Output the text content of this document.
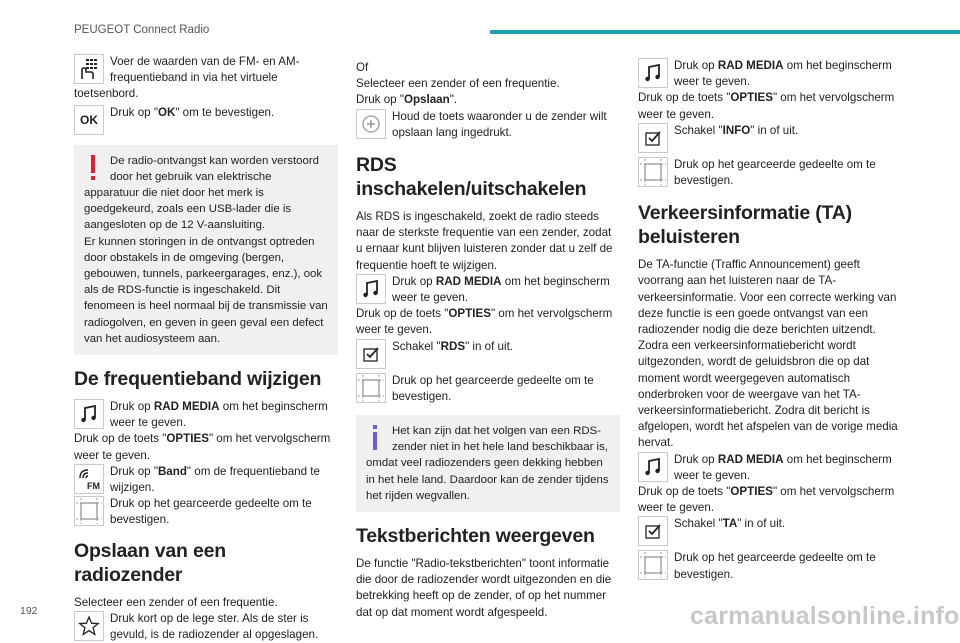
PEUGEOT Connect Radio
Voer de waarden van de FM- en AM-frequentieband in via het virtuele toetsenbord.
OK
Druk op "OK" om te bevestigen.
De radio-ontvangst kan worden verstoord door het gebruik van elektrische apparatuur die niet door het merk is goedgekeurd, zoals een USB-lader die is aangesloten op de 12 V-aansluiting.
Er kunnen storingen in de ontvangst optreden door obstakels in de omgeving (bergen, gebouwen, tunnels, parkeergarages, enz.), ook als de RDS-functie is ingeschakeld. Dit fenomeen is heel normaal bij de transmissie van radiogolven, en geven in geen geval een defect van het audiosysteem aan.
De frequentieband wijzigen
Druk op RAD MEDIA om het beginscherm weer te geven.
Druk op de toets "OPTIES" om het vervolgscherm weer te geven.
FM
Druk op "Band" om de frequentieband te wijzigen.
Druk op het gearceerde gedeelte om te bevestigen.
Opslaan van een radiozender
Selecteer een zender of een frequentie.
Druk kort op de lege ster. Als de ster is gevuld, is de radiozender al opgeslagen.
Of
Selecteer een zender of een frequentie.
Druk op "Opslaan".
Houd de toets waaronder u de zender wilt opslaan lang ingedrukt.
RDS inschakelen/uitschakelen
Als RDS is ingeschakeld, zoekt de radio steeds naar de sterkste frequentie van een zender, zodat u ernaar kunt blijven luisteren zonder dat u zelf de frequentie hoeft te wijzigen.
Druk op RAD MEDIA om het beginscherm weer te geven.
Druk op de toets "OPTIES" om het vervolgscherm weer te geven.
Schakel "RDS" in of uit.
Druk op het gearceerde gedeelte om te bevestigen.
Het kan zijn dat het volgen van een RDS-zender niet in het hele land beschikbaar is, omdat veel radiozenders geen dekking hebben in het hele land. Daardoor kan de zender tijdens het rijden wegvallen.
Tekstberichten weergeven
De functie "Radio-tekstberichten" toont informatie die door de radiozender wordt uitgezonden en die betrekking heeft op de zender, of op het nummer dat op dat moment wordt afgespeeld.
Druk op RAD MEDIA om het beginscherm weer te geven.
Druk op de toets "OPTIES" om het vervolgscherm weer te geven.
Schakel "INFO" in of uit.
Druk op het gearceerde gedeelte om te bevestigen.
Verkeersinformatie (TA) beluisteren
De TA-functie (Traffic Announcement) geeft voorrang aan het luisteren naar de TA-verkeersinformatie. Voor een correcte werking van deze functie is een goede ontvangst van een radiozender nodig die deze berichten uitzendt. Zodra een verkeersinformatiebericht wordt uitgezonden, wordt de geluidsbron die op dat moment wordt weergegeven automatisch onderbroken voor de weergave van het TA-verkeersinformatiebericht. Zodra dit bericht is afgelopen, wordt het afspelen van de vorige media hervat.
Druk op RAD MEDIA om het beginscherm weer te geven.
Druk op de toets "OPTIES" om het vervolgscherm weer te geven.
Schakel "TA" in of uit.
Druk op het gearceerde gedeelte om te bevestigen.
192	carmanualsonline.info
